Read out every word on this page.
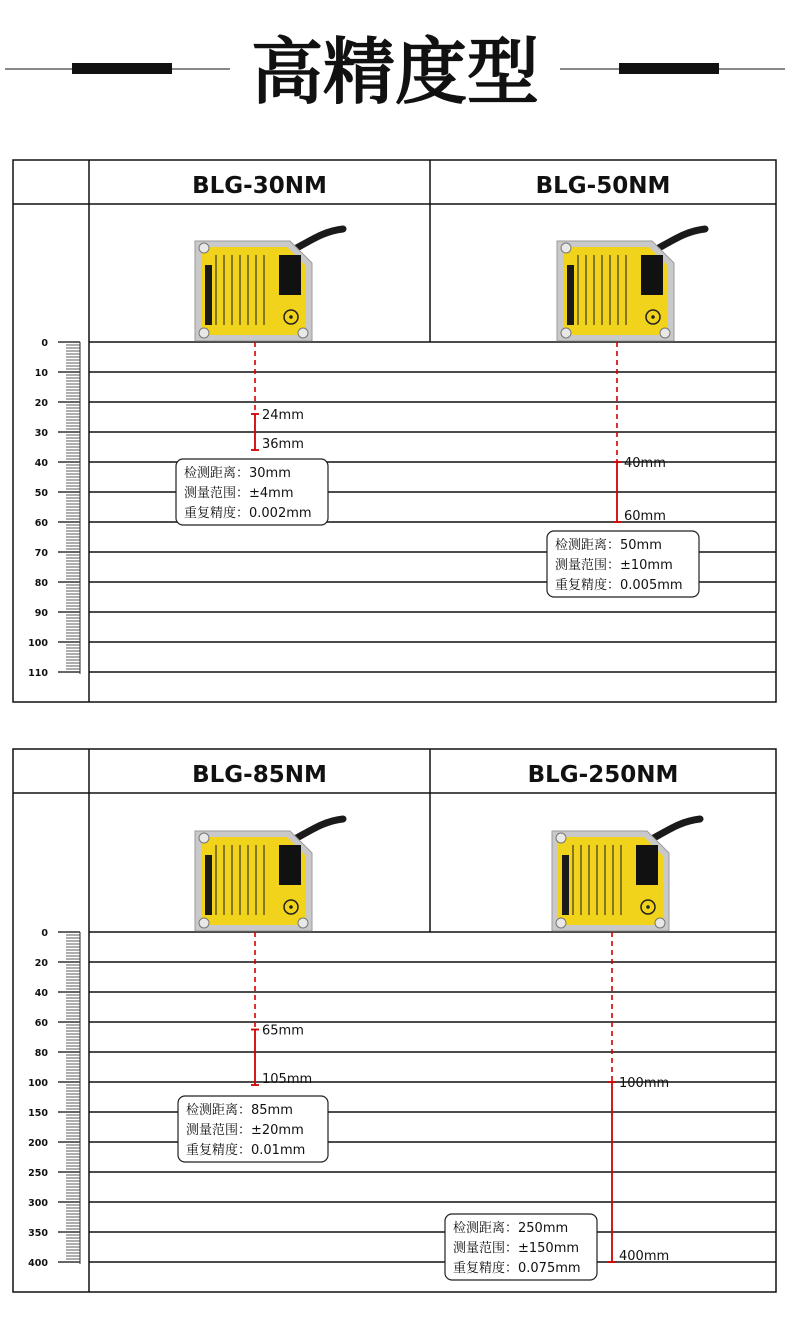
高精度型
BLG-30NM	BLG-50NM
0
10
20
30
40
50
60
70
80
90
100
110
24mm
36mm
检测距离：30mm
测量范围：±4mm
重复精度：0.002mm
40mm
60mm
检测距离：50mm
测量范围：±10mm
重复精度：0.005mm
BLG-85NM	BLG-250NM
0
20
40
60
80
100
150
200
250
300
350
400
65mm
105mm
检测距离：85mm
测量范围：±20mm
重复精度：0.01mm
100mm
400mm
检测距离：250mm
测量范围：±150mm
重复精度：0.075mm
